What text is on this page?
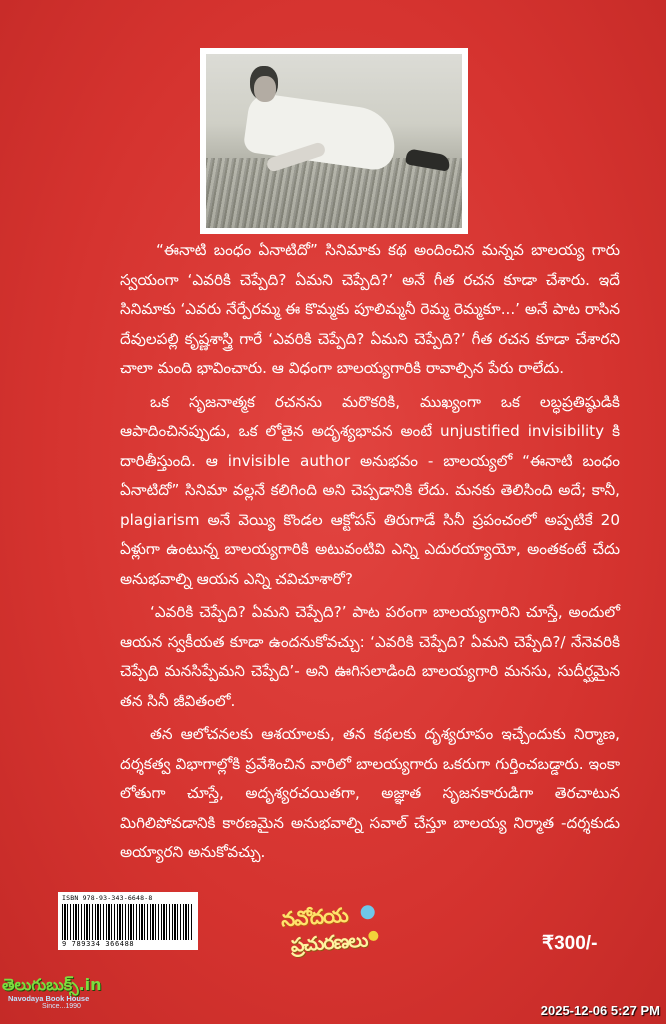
“ఈనాటి బంధం ఏనాటిదో” సినిమాకు కథ అందించిన మన్నవ బాలయ్య గారు స్వయంగా ‘ఎవరికి చెప్పేది? ఏమని చెప్పేది?’ అనే గీత రచన కూడా చేశారు. ఇదే సినిమాకు ‘ఎవరు నేర్పేరమ్మ ఈ కొమ్మకు పూలిమ్మనీ రెమ్మ రెమ్మకూ...’ అనే పాట రాసిన దేవులపల్లి కృష్ణశాస్త్రి గారే ‘ఎవరికి చెప్పేది? ఏమని చెప్పేది?’ గీత రచన కూడా చేశారని చాలా మంది భావించారు. ఆ విధంగా బాలయ్యగారికి రావాల్సిన పేరు రాలేదు.

ఒక సృజనాత్మక రచనను మరొకరికి, ముఖ్యంగా ఒక లబ్ధప్రతిష్ఠుడికి ఆపాదించినప్పుడు, ఒక లోతైన అదృశ్యభావన అంటే unjustified invisibility కి దారితీస్తుంది. ఆ invisible author అనుభవం - బాలయ్యలో “ఈనాటి బంధం ఏనాటిదో” సినిమా వల్లనే కలిగింది అని చెప్పడానికి లేదు. మనకు తెలిసింది అదే; కానీ, plagiarism అనే వెయ్యి కొండల ఆక్టోపస్ తిరుగాడే సినీ ప్రపంచంలో అప్పటికే 20 ఏళ్లుగా ఉంటున్న బాలయ్యగారికి అటువంటివి ఎన్ని ఎదురయ్యాయో, అంతకంటే చేదు అనుభవాల్ని ఆయన ఎన్ని చవిచూశారో?

‘ఎవరికి చెప్పేది? ఏమని చెప్పేది?’ పాట పరంగా బాలయ్యగారిని చూస్తే, అందులో ఆయన స్వకీయత కూడా ఉందనుకోవచ్చు: ‘ఎవరికి చెప్పేది? ఏమని చెప్పేది?/ నేనెవరికి చెప్పేది మనసిప్పేమని చెప్పేది’- అని ఊగిసలాడింది బాలయ్యగారి మనసు, సుదీర్ఘమైన తన సినీ జీవితంలో.

తన ఆలోచనలకు ఆశయాలకు, తన కథలకు దృశ్యరూపం ఇచ్చేందుకు నిర్మాణ, దర్శకత్వ విభాగాల్లోకి ప్రవేశించిన వారిలో బాలయ్యగారు ఒకరుగా గుర్తించబడ్డారు. ఇంకా లోతుగా చూస్తే, అదృశ్యరచయితగా, అజ్ఞాత సృజనకారుడిగా తెరచాటున మిగిలిపోవడానికి కారణమైన అనుభవాల్ని సవాల్ చేస్తూ బాలయ్య నిర్మాత -దర్శకుడు అయ్యారని అనుకోవచ్చు.

ISBN 978-93-343-6648-8
9 789334 366488
నవోదయ
ప్రచురణలు	₹300/-
తెలుగుబుక్స్.in
Navodaya Book House
Since...1990	2025-12-06 5:27 PM
